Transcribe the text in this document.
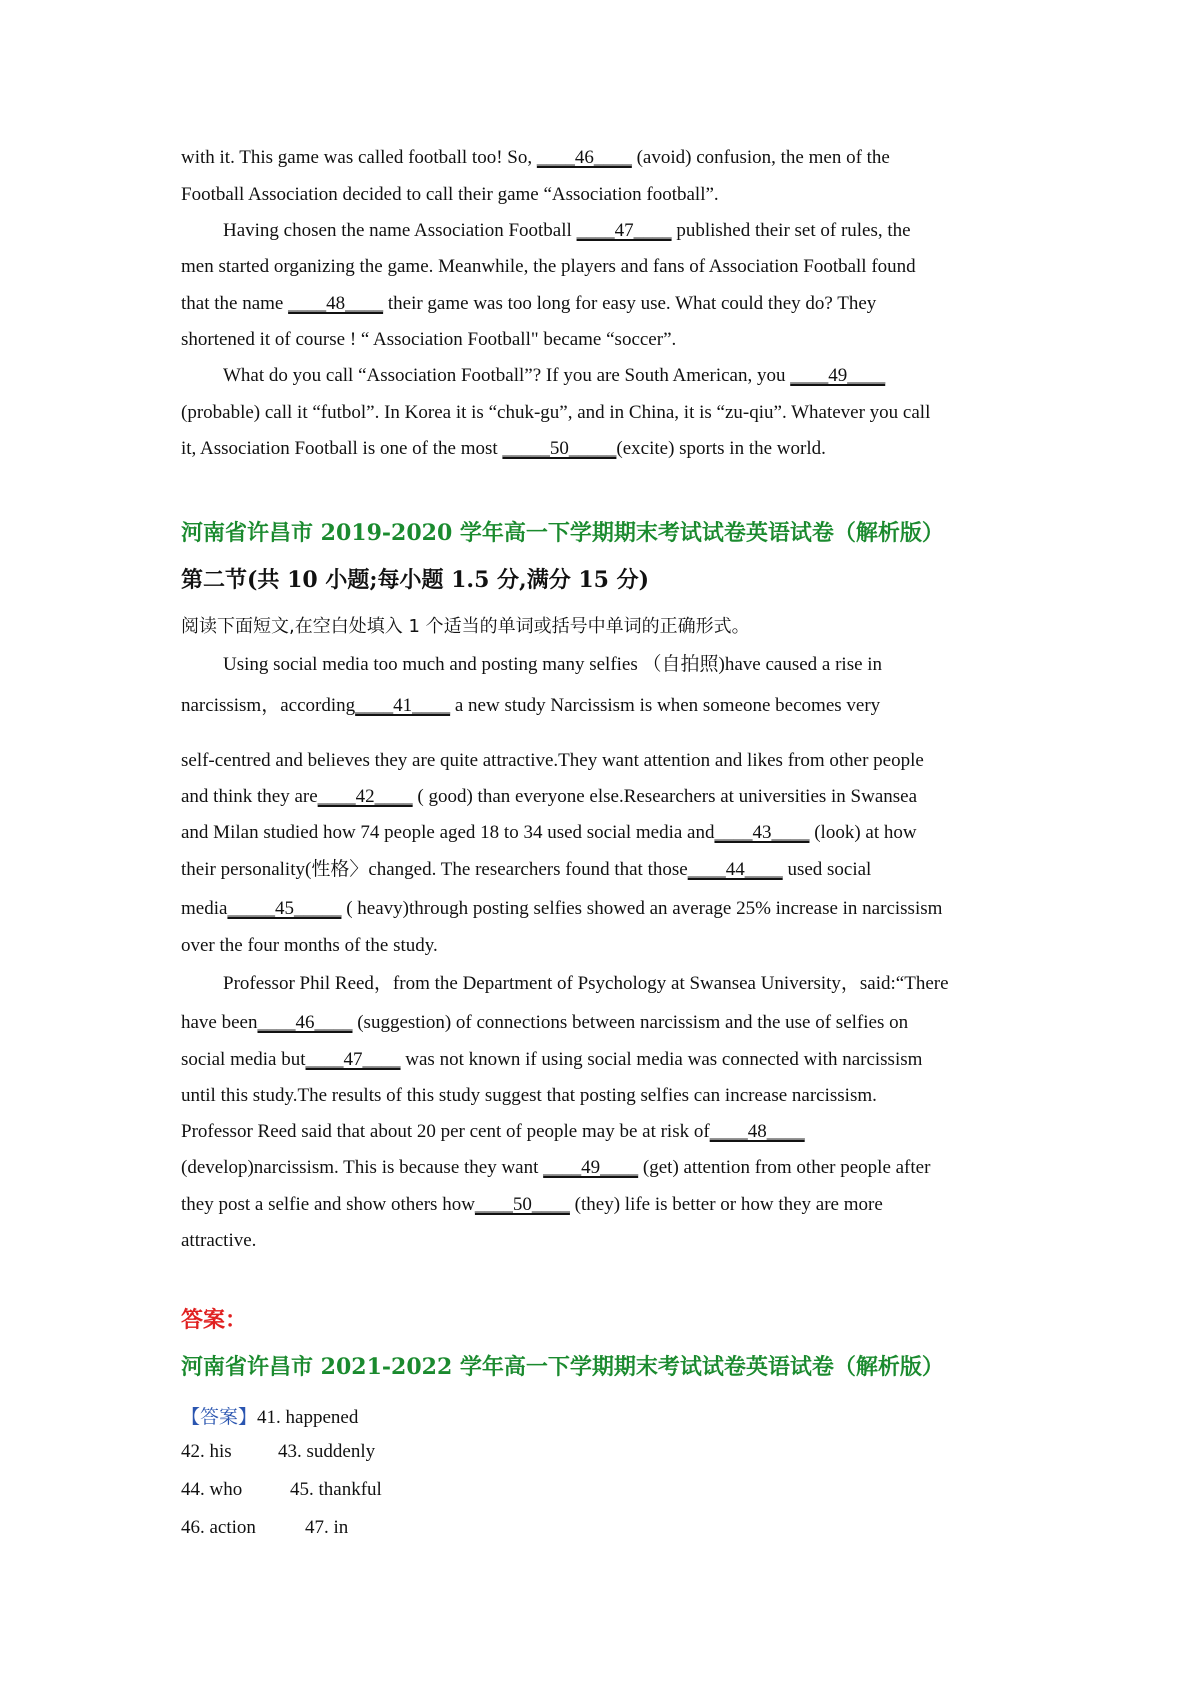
with it. This game was called football too! So, ____46____ (avoid) confusion, the men of the
Football Association decided to call their game “Association football”.
Having chosen the name Association Football ____47____ published their set of rules, the
men started organizing the game. Meanwhile, the players and fans of Association Football found
that the name ____48____ their game was too long for easy use. What could they do? They
shortened it of course ! “ Association Football" became “soccer”.
What do you call “Association Football”? If you are South American, you ____49____
(probable) call it “futbol”. In Korea it is “chuk-gu”, and in China, it is “zu-qiu”. Whatever you call
it, Association Football is one of the most _____50_____(excite) sports in the world.
河南省许昌市 2019-2020 学年高一下学期期末考试试卷英语试卷（解析版）
第二节(共 10 小题;每小题 1.5 分,满分 15 分)
阅读下面短文,在空白处填入 1 个适当的单词或括号中单词的正确形式。
Using social media too much and posting many selfies （自拍照)have caused a rise in
narcissism，according____41____ a new study Narcissism is when someone becomes very
self-centred and believes they are quite attractive.They want attention and likes from other people
and think they are____42____ ( good) than everyone else.Researchers at universities in Swansea
and Milan studied how 74 people aged 18 to 34 used social media and____43____ (look) at how
their personality(性格〉changed. The researchers found that those____44____ used social
media_____45_____ ( heavy)through posting selfies showed an average 25% increase in narcissism
over the four months of the study.
Professor Phil Reed，from the Department of Psychology at Swansea University，said:“There
have been____46____ (suggestion) of connections between narcissism and the use of selfies on
social media but____47____ was not known if using social media was connected with narcissism
until this study.The results of this study suggest that posting selfies can increase narcissism.
Professor Reed said that about 20 per cent of people may be at risk of____48____
(develop)narcissism. This is because they want ____49____ (get) attention from other people after
they post a selfie and show others how____50____ (they) life is better or how they are more
attractive.
答案：
河南省许昌市 2021-2022 学年高一下学期期末考试试卷英语试卷（解析版）
【答案】41. happened
42. his 43. suddenly
44. who	45. thankful
46. action	47. in
